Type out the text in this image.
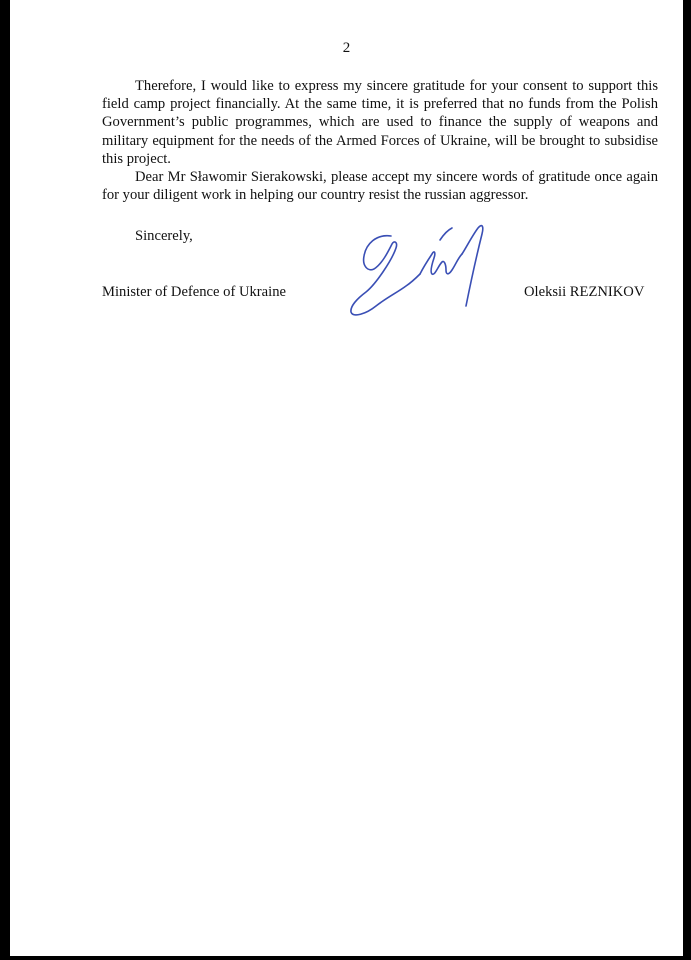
2

Therefore, I would like to express my sincere gratitude for your consent to support this field camp project financially. At the same time, it is preferred that no funds from the Polish Government’s public programmes, which are used to finance the supply of weapons and military equipment for the needs of the Armed Forces of Ukraine, will be brought to subsidise this project.

Dear Mr Sławomir Sierakowski, please accept my sincere words of gratitude once again for your diligent work in helping our country resist the russian aggressor.

Sincerely,
Minister of Defence of Ukraine	Oleksii REZNIKOV
